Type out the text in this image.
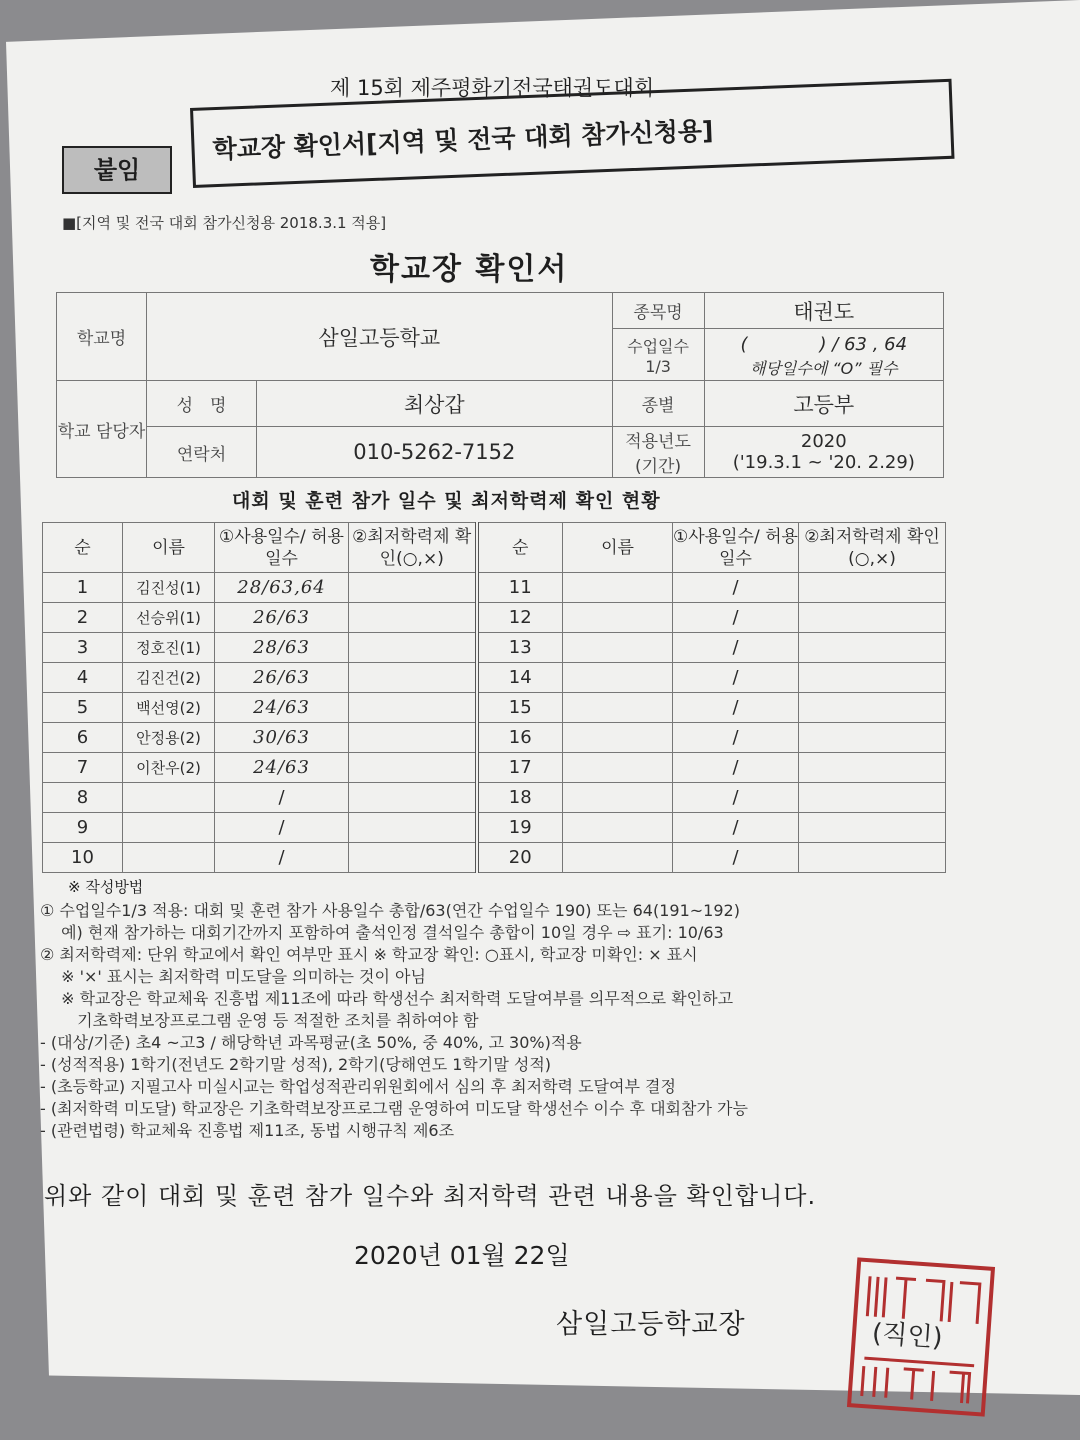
제 15회 제주평화기전국태권도대회
붙임
학교장 확인서[지역 및 전국 대회 참가신청용]
■[지역 및 전국 대회 참가신청용 2018.3.1 적용]
학교장 확인서
학교명	삼일고등학교		종목명	태권도
			수업일수 1/3	(　　　　) / 63 , 64
해당일수에 “O” 필수

학교 담당자	성　명	최상갑	종별	고등부
	연락처	010-5262-7152	적용년도 (기간)	2020
('19.3.1 ~ '20. 2.29)
대회 및 훈련 참가 일수 및 최저학력제 확인 현황
순	이름	①사용일수/ 허용일수	②최저학력제 확인(○,×)	순	이름	①사용일수/ 허용일수	②최저학력제 확인(○,×)
1	김진성(1)	28/63,64		11		/	
2	선승위(1)	26/63		12		/	
3	정호진(1)	28/63		13		/	
4	김진건(2)	26/63		14		/	
5	백선영(2)	24/63		15		/	
6	안정용(2)	30/63		16		/	
7	이찬우(2)	24/63		17		/	
8		/		18		/	
9		/		19		/	
10		/		20		/	
※ 작성방법
① 수업일수1/3 적용: 대회 및 훈련 참가 사용일수 총합/63(연간 수업일수 190) 또는 64(191~192)
　 예) 현재 참가하는 대회기간까지 포함하여 출석인정 결석일수 총합이 10일 경우 ⇨ 표기: 10/63
② 최저학력제: 단위 학교에서 확인 여부만 표시 ※ 학교장 확인: ○표시, 학교장 미확인: × 표시
　 ※ '×' 표시는 최저학력 미도달을 의미하는 것이 아님
　 ※ 학교장은 학교체육 진흥법 제11조에 따라 학생선수 최저학력 도달여부를 의무적으로 확인하고
　　 기초학력보장프로그램 운영 등 적절한 조치를 취하여야 함
- (대상/기준) 초4 ~고3 / 해당학년 과목평균(초 50%, 중 40%, 고 30%)적용
- (성적적용) 1학기(전년도 2학기말 성적), 2학기(당해연도 1학기말 성적)
- (초등학교) 지필고사 미실시교는 학업성적관리위원회에서 심의 후 최저학력 도달여부 결정
- (최저학력 미도달) 학교장은 기초학력보장프로그램 운영하여 미도달 학생선수 이수 후 대회참가 가능
- (관련법령) 학교체육 진흥법 제11조, 동법 시행규칙 제6조
위와 같이 대회 및 훈련 참가 일수와 최저학력 관련 내용을 확인합니다.
2020년 01월 22일
삼일고등학교장	(직인)
